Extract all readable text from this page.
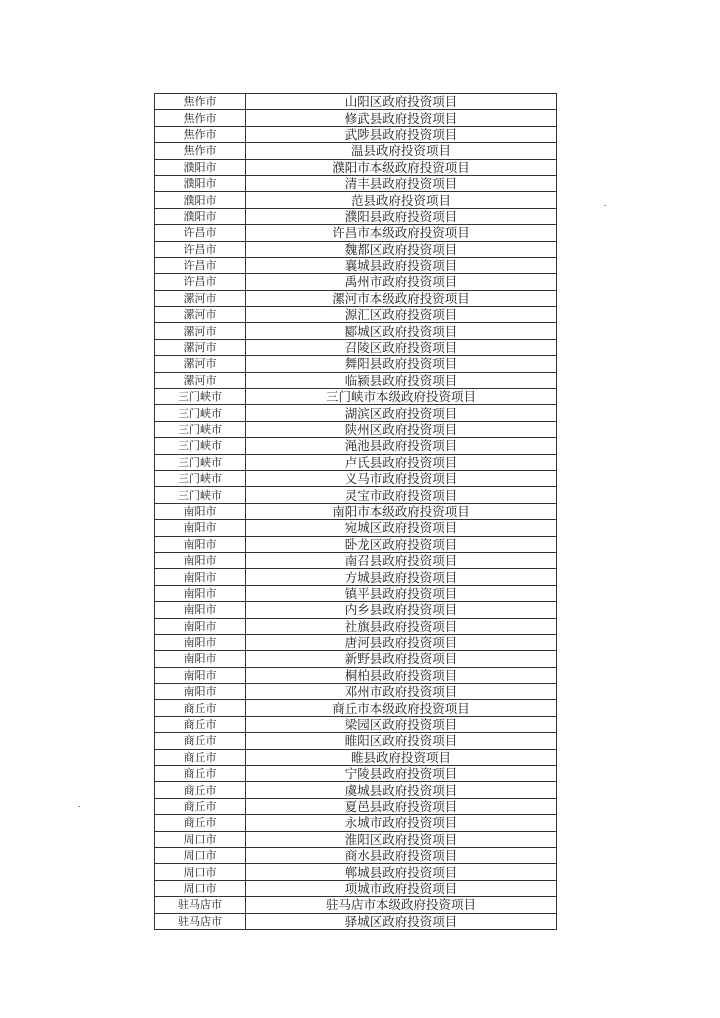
焦作市	山阳区政府投资项目
焦作市	修武县政府投资项目
焦作市	武陟县政府投资项目
焦作市	温县政府投资项目
濮阳市	濮阳市本级政府投资项目
濮阳市	清丰县政府投资项目
濮阳市	范县政府投资项目
濮阳市	濮阳县政府投资项目
许昌市	许昌市本级政府投资项目
许昌市	魏都区政府投资项目
许昌市	襄城县政府投资项目
许昌市	禹州市政府投资项目
漯河市	漯河市本级政府投资项目
漯河市	源汇区政府投资项目
漯河市	郾城区政府投资项目
漯河市	召陵区政府投资项目
漯河市	舞阳县政府投资项目
漯河市	临颍县政府投资项目
三门峡市	三门峡市本级政府投资项目
三门峡市	湖滨区政府投资项目
三门峡市	陕州区政府投资项目
三门峡市	渑池县政府投资项目
三门峡市	卢氏县政府投资项目
三门峡市	义马市政府投资项目
三门峡市	灵宝市政府投资项目
南阳市	南阳市本级政府投资项目
南阳市	宛城区政府投资项目
南阳市	卧龙区政府投资项目
南阳市	南召县政府投资项目
南阳市	方城县政府投资项目
南阳市	镇平县政府投资项目
南阳市	内乡县政府投资项目
南阳市	社旗县政府投资项目
南阳市	唐河县政府投资项目
南阳市	新野县政府投资项目
南阳市	桐柏县政府投资项目
南阳市	邓州市政府投资项目
商丘市	商丘市本级政府投资项目
商丘市	梁园区政府投资项目
商丘市	睢阳区政府投资项目
商丘市	睢县政府投资项目
商丘市	宁陵县政府投资项目
商丘市	虞城县政府投资项目
商丘市	夏邑县政府投资项目
商丘市	永城市政府投资项目
周口市	淮阳区政府投资项目
周口市	商水县政府投资项目
周口市	郸城县政府投资项目
周口市	项城市政府投资项目
驻马店市	驻马店市本级政府投资项目
驻马店市	驿城区政府投资项目
